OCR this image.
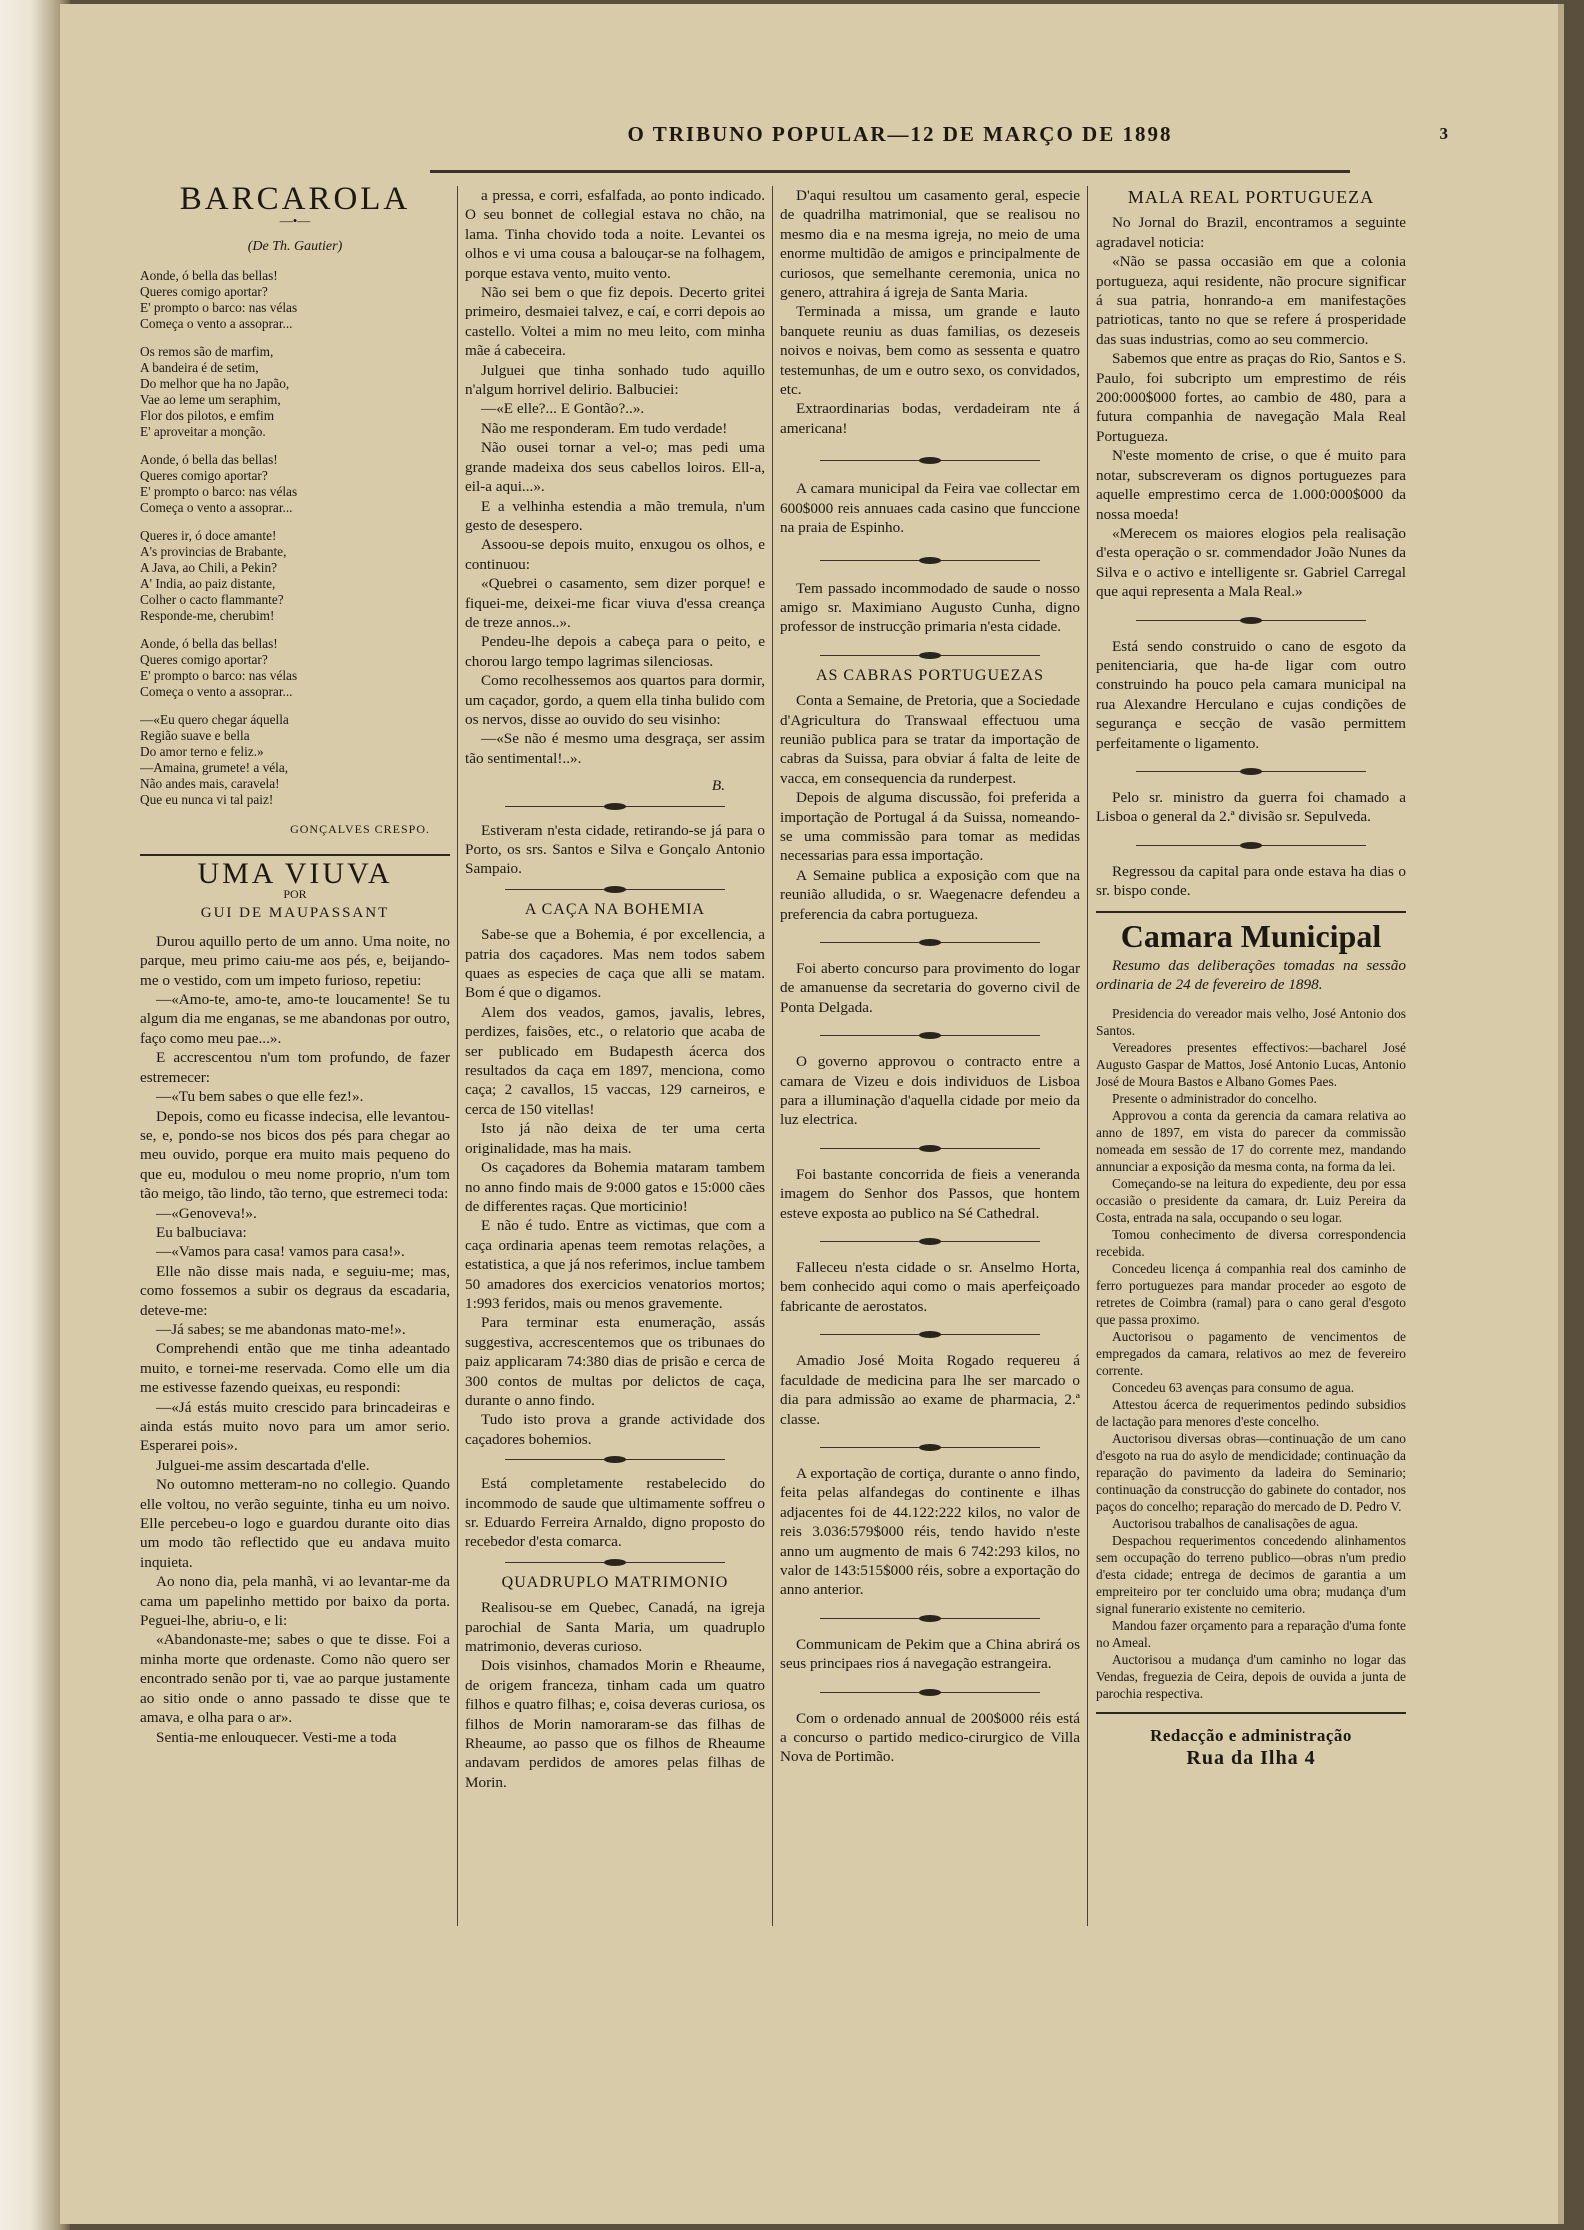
O TRIBUNO POPULAR—12 DE MARÇO DE 1898	3
BARCAROLA
—•—

(De Th. Gautier)

Aonde, ó bella das bellas!

Queres comigo aportar?

E' prompto o barco: nas vélas

Começa o vento a assoprar...

Os remos são de marfim,

A bandeira é de setim,

Do melhor que ha no Japão,

Vae ao leme um seraphim,

Flor dos pilotos, e emfim

E' aproveitar a monção.

Aonde, ó bella das bellas!

Queres comigo aportar?

E' prompto o barco: nas vélas

Começa o vento a assoprar...

Queres ir, ó doce amante!

A's provincias de Brabante,

A Java, ao Chili, a Pekin?

A' India, ao paiz distante,

Colher o cacto flammante?

Responde-me, cherubim!

Aonde, ó bella das bellas!

Queres comigo aportar?

E' prompto o barco: nas vélas

Começa o vento a assoprar...

—«Eu quero chegar áquella

Região suave e bella

Do amor terno e feliz.»

—Amaina, grumete! a véla,

Não andes mais, caravela!

Que eu nunca vi tal paiz!

GONÇALVES CRESPO.

UMA VIUVA

POR

GUI DE MAUPASSANT

Durou aquillo perto de um anno. Uma noite, no parque, meu primo caiu-me aos pés, e, beijando-me o vestido, com um impeto furioso, repetiu:

—«Amo-te, amo-te, amo-te loucamente! Se tu algum dia me enganas, se me abandonas por outro, faço como meu pae...».

E accrescentou n'um tom profundo, de fazer estremecer:

—«Tu bem sabes o que elle fez!».

Depois, como eu ficasse indecisa, elle levantou-se, e, pondo-se nos bicos dos pés para chegar ao meu ouvido, porque era muito mais pequeno do que eu, modulou o meu nome proprio, n'um tom tão meigo, tão lindo, tão terno, que estremeci toda:

—«Genoveva!».

Eu balbuciava:

—«Vamos para casa! vamos para casa!».

Elle não disse mais nada, e seguiu-me; mas, como fossemos a subir os degraus da escadaria, deteve-me:

—Já sabes; se me abandonas mato-me!».

Comprehendi então que me tinha adeantado muito, e tornei-me reservada. Como elle um dia me estivesse fazendo queixas, eu respondi:

—«Já estás muito crescido para brincadeiras e ainda estás muito novo para um amor serio. Esperarei pois».

Julguei-me assim descartada d'elle.

No outomno metteram-no no collegio. Quando elle voltou, no verão seguinte, tinha eu um noivo. Elle percebeu-o logo e guardou durante oito dias um modo tão reflectido que eu andava muito inquieta.

Ao nono dia, pela manhã, vi ao levantar-me da cama um papelinho mettido por baixo da porta. Peguei-lhe, abriu-o, e li:

«Abandonaste-me; sabes o que te disse. Foi a minha morte que ordenaste. Como não quero ser encontrado senão por ti, vae ao parque justamente ao sitio onde o anno passado te disse que te amava, e olha para o ar».

Sentia-me enlouquecer. Vesti-me a toda

a pressa, e corri, esfalfada, ao ponto indicado. O seu bonnet de collegial estava no chão, na lama. Tinha chovido toda a noite. Levantei os olhos e vi uma cousa a balouçar-se na folhagem, porque estava vento, muito vento.

Não sei bem o que fiz depois. Decerto gritei primeiro, desmaiei talvez, e caí, e corri depois ao castello. Voltei a mim no meu leito, com minha mãe á cabeceira.

Julguei que tinha sonhado tudo aquillo n'algum horrivel delirio. Balbuciei:

—«E elle?... E Gontão?..».

Não me responderam. Em tudo verdade!

Não ousei tornar a vel-o; mas pedi uma grande madeixa dos seus cabellos loiros. Ell-a, eil-a aqui...».

E a velhinha estendia a mão tremula, n'um gesto de desespero.

Assoou-se depois muito, enxugou os olhos, e continuou:

«Quebrei o casamento, sem dizer porque! e fiquei-me, deixei-me ficar viuva d'essa creança de treze annos..».

Pendeu-lhe depois a cabeça para o peito, e chorou largo tempo lagrimas silenciosas.

Como recolhessemos aos quartos para dormir, um caçador, gordo, a quem ella tinha bulido com os nervos, disse ao ouvido do seu visinho:

—«Se não é mesmo uma desgraça, ser assim tão sentimental!..».

B.

Estiveram n'esta cidade, retirando-se já para o Porto, os srs. Santos e Silva e Gonçalo Antonio Sampaio.

A CAÇA NA BOHEMIA

Sabe-se que a Bohemia, é por excellencia, a patria dos caçadores. Mas nem todos sabem quaes as especies de caça que alli se matam. Bom é que o digamos.

Alem dos veados, gamos, javalis, lebres, perdizes, faisões, etc., o relatorio que acaba de ser publicado em Budapesth ácerca dos resultados da caça em 1897, menciona, como caça; 2 cavallos, 15 vaccas, 129 carneiros, e cerca de 150 vitellas!

Isto já não deixa de ter uma certa originalidade, mas ha mais.

Os caçadores da Bohemia mataram tambem no anno findo mais de 9:000 gatos e 15:000 cães de differentes raças. Que morticinio!

E não é tudo. Entre as victimas, que com a caça ordinaria apenas teem remotas relações, a estatistica, a que já nos referimos, inclue tambem 50 amadores dos exercicios venatorios mortos; 1:993 feridos, mais ou menos gravemente.

Para terminar esta enumeração, assás suggestiva, accrescentemos que os tribunaes do paiz applicaram 74:380 dias de prisão e cerca de 300 contos de multas por delictos de caça, durante o anno findo.

Tudo isto prova a grande actividade dos caçadores bohemios.

Está completamente restabelecido do incommodo de saude que ultimamente soffreu o sr. Eduardo Ferreira Arnaldo, digno proposto do recebedor d'esta comarca.

QUADRUPLO MATRIMONIO

Realisou-se em Quebec, Canadá, na igreja parochial de Santa Maria, um quadruplo matrimonio, deveras curioso.

Dois visinhos, chamados Morin e Rheaume, de origem franceza, tinham cada um quatro filhos e quatro filhas; e, coisa deveras curiosa, os filhos de Morin namoraram-se das filhas de Rheaume, ao passo que os filhos de Rheaume andavam perdidos de amores pelas filhas de Morin.

D'aqui resultou um casamento geral, especie de quadrilha matrimonial, que se realisou no mesmo dia e na mesma igreja, no meio de uma enorme multidão de amigos e principalmente de curiosos, que semelhante ceremonia, unica no genero, attrahira á igreja de Santa Maria.

Terminada a missa, um grande e lauto banquete reuniu as duas familias, os dezeseis noivos e noivas, bem como as sessenta e quatro testemunhas, de um e outro sexo, os convidados, etc.

Extraordinarias bodas, verdadeiram nte á americana!

A camara municipal da Feira vae collectar em 600$000 reis annuaes cada casino que funccione na praia de Espinho.

Tem passado incommodado de saude o nosso amigo sr. Maximiano Augusto Cunha, digno professor de instrucção primaria n'esta cidade.

AS CABRAS PORTUGUEZAS

Conta a Semaine, de Pretoria, que a Sociedade d'Agricultura do Transwaal effectuou uma reunião publica para se tratar da importação de cabras da Suissa, para obviar á falta de leite de vacca, em consequencia da runderpest.

Depois de alguma discussão, foi preferida a importação de Portugal á da Suissa, nomeando-se uma commissão para tomar as medidas necessarias para essa importação.

A Semaine publica a exposição com que na reunião alludida, o sr. Waegenacre defendeu a preferencia da cabra portugueza.

Foi aberto concurso para provimento do logar de amanuense da secretaria do governo civil de Ponta Delgada.

O governo approvou o contracto entre a camara de Vizeu e dois individuos de Lisboa para a illuminação d'aquella cidade por meio da luz electrica.

Foi bastante concorrida de fieis a veneranda imagem do Senhor dos Passos, que hontem esteve exposta ao publico na Sé Cathedral.

Falleceu n'esta cidade o sr. Anselmo Horta, bem conhecido aqui como o mais aperfeiçoado fabricante de aerostatos.

Amadio José Moita Rogado requereu á faculdade de medicina para lhe ser marcado o dia para admissão ao exame de pharmacia, 2.ª classe.

A exportação de cortiça, durante o anno findo, feita pelas alfandegas do continente e ilhas adjacentes foi de 44.122:222 kilos, no valor de reis 3.036:579$000 réis, tendo havido n'este anno um augmento de mais 6 742:293 kilos, no valor de 143:515$000 réis, sobre a exportação do anno anterior.

Communicam de Pekim que a China abrirá os seus principaes rios á navegação estrangeira.

Com o ordenado annual de 200$000 réis está a concurso o partido medico-cirurgico de Villa Nova de Portimão.

MALA REAL PORTUGUEZA

No Jornal do Brazil, encontramos a seguinte agradavel noticia:

«Não se passa occasião em que a colonia portugueza, aqui residente, não procure significar á sua patria, honrando-a em manifestações patrioticas, tanto no que se refere á prosperidade das suas industrias, como ao seu commercio.

Sabemos que entre as praças do Rio, Santos e S. Paulo, foi subcripto um emprestimo de réis 200:000$000 fortes, ao cambio de 480, para a futura companhia de navegação Mala Real Portugueza.

N'este momento de crise, o que é muito para notar, subscreveram os dignos portuguezes para aquelle emprestimo cerca de 1.000:000$000 da nossa moeda!

«Merecem os maiores elogios pela realisação d'esta operação o sr. commendador João Nunes da Silva e o activo e intelligente sr. Gabriel Carregal que aqui representa a Mala Real.»

Está sendo construido o cano de esgoto da penitenciaria, que ha-de ligar com outro construindo ha pouco pela camara municipal na rua Alexandre Herculano e cujas condições de segurança e secção de vasão permittem perfeitamente o ligamento.

Pelo sr. ministro da guerra foi chamado a Lisboa o general da 2.ª divisão sr. Sepulveda.

Regressou da capital para onde estava ha dias o sr. bispo conde.

Camara Municipal

Resumo das deliberações tomadas na sessão ordinaria de 24 de fevereiro de 1898.

Presidencia do vereador mais velho, José Antonio dos Santos.

Vereadores presentes effectivos:—bacharel José Augusto Gaspar de Mattos, José Antonio Lucas, Antonio José de Moura Bastos e Albano Gomes Paes.

Presente o administrador do concelho.

Approvou a conta da gerencia da camara relativa ao anno de 1897, em vista do parecer da commissão nomeada em sessão de 17 do corrente mez, mandando annunciar a exposição da mesma conta, na forma da lei.

Começando-se na leitura do expediente, deu por essa occasião o presidente da camara, dr. Luiz Pereira da Costa, entrada na sala, occupando o seu logar.

Tomou conhecimento de diversa correspondencia recebida.

Concedeu licença á companhia real dos caminho de ferro portuguezes para mandar proceder ao esgoto de retretes de Coimbra (ramal) para o cano geral d'esgoto que passa proximo.

Auctorisou o pagamento de vencimentos de empregados da camara, relativos ao mez de fevereiro corrente.

Concedeu 63 avenças para consumo de agua.

Attestou ácerca de requerimentos pedindo subsidios de lactação para menores d'este concelho.

Auctorisou diversas obras—continuação de um cano d'esgoto na rua do asylo de mendicidade; continuação da reparação do pavimento da ladeira do Seminario; continuação da construcção do gabinete do contador, nos paços do concelho; reparação do mercado de D. Pedro V.

Auctorisou trabalhos de canalisações de agua.

Despachou requerimentos concedendo alinhamentos sem occupação do terreno publico—obras n'um predio d'esta cidade; entrega de decimos de garantia a um empreiteiro por ter concluido uma obra; mudança d'um signal funerario existente no cemiterio.

Mandou fazer orçamento para a reparação d'uma fonte no Ameal.

Auctorisou a mudança d'um caminho no logar das Vendas, freguezia de Ceira, depois de ouvida a junta de parochia respectiva.

Redacção e administração
Rua da Ilha 4
